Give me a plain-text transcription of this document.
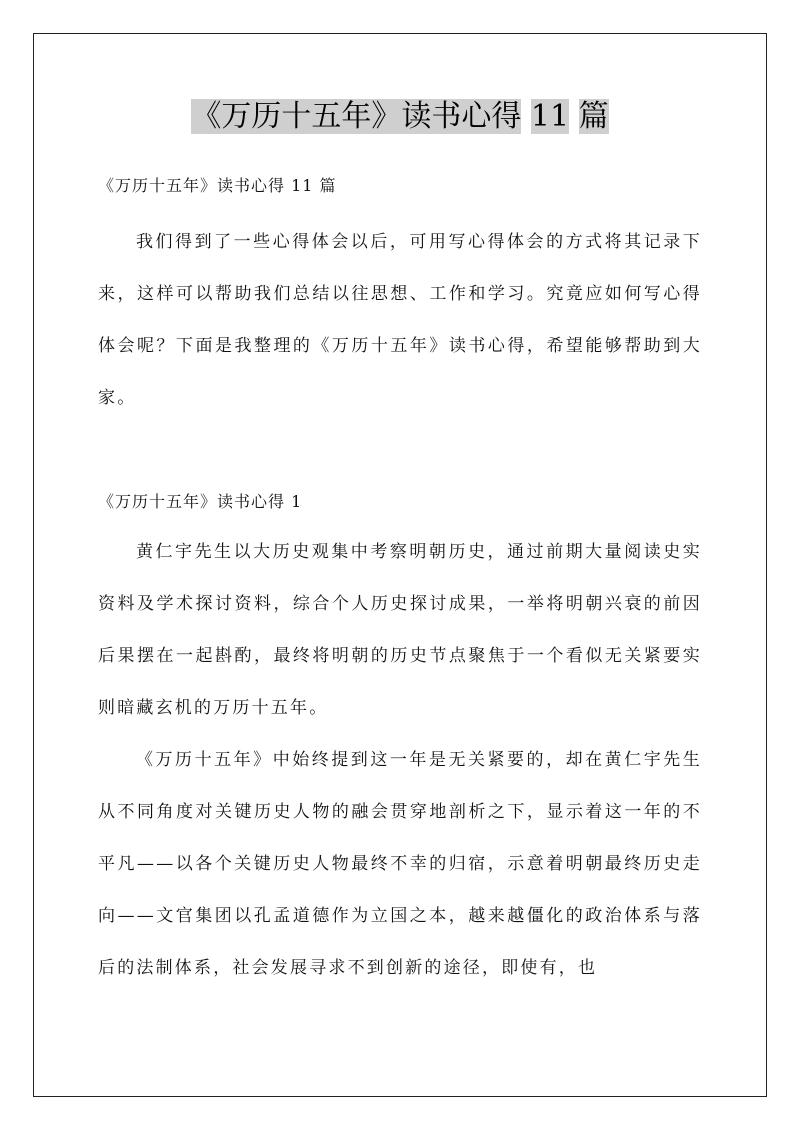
《万历十五年》读书心得 11 篇
《万历十五年》读书心得 11 篇

我们得到了一些心得体会以后，可用写心得体会的方式将其记录下来，这样可以帮助我们总结以往思想、工作和学习。究竟应如何写心得体会呢？下面是我整理的《万历十五年》读书心得，希望能够帮助到大家。

《万历十五年》读书心得 1

黄仁宇先生以大历史观集中考察明朝历史，通过前期大量阅读史实资料及学术探讨资料，综合个人历史探讨成果，一举将明朝兴衰的前因后果摆在一起斟酌，最终将明朝的历史节点聚焦于一个看似无关紧要实则暗藏玄机的万历十五年。

《万历十五年》中始终提到这一年是无关紧要的，却在黄仁宇先生从不同角度对关键历史人物的融会贯穿地剖析之下，显示着这一年的不平凡——以各个关键历史人物最终不幸的归宿，示意着明朝最终历史走向——文官集团以孔孟道德作为立国之本，越来越僵化的政治体系与落后的法制体系，社会发展寻求不到创新的途径，即使有，也
